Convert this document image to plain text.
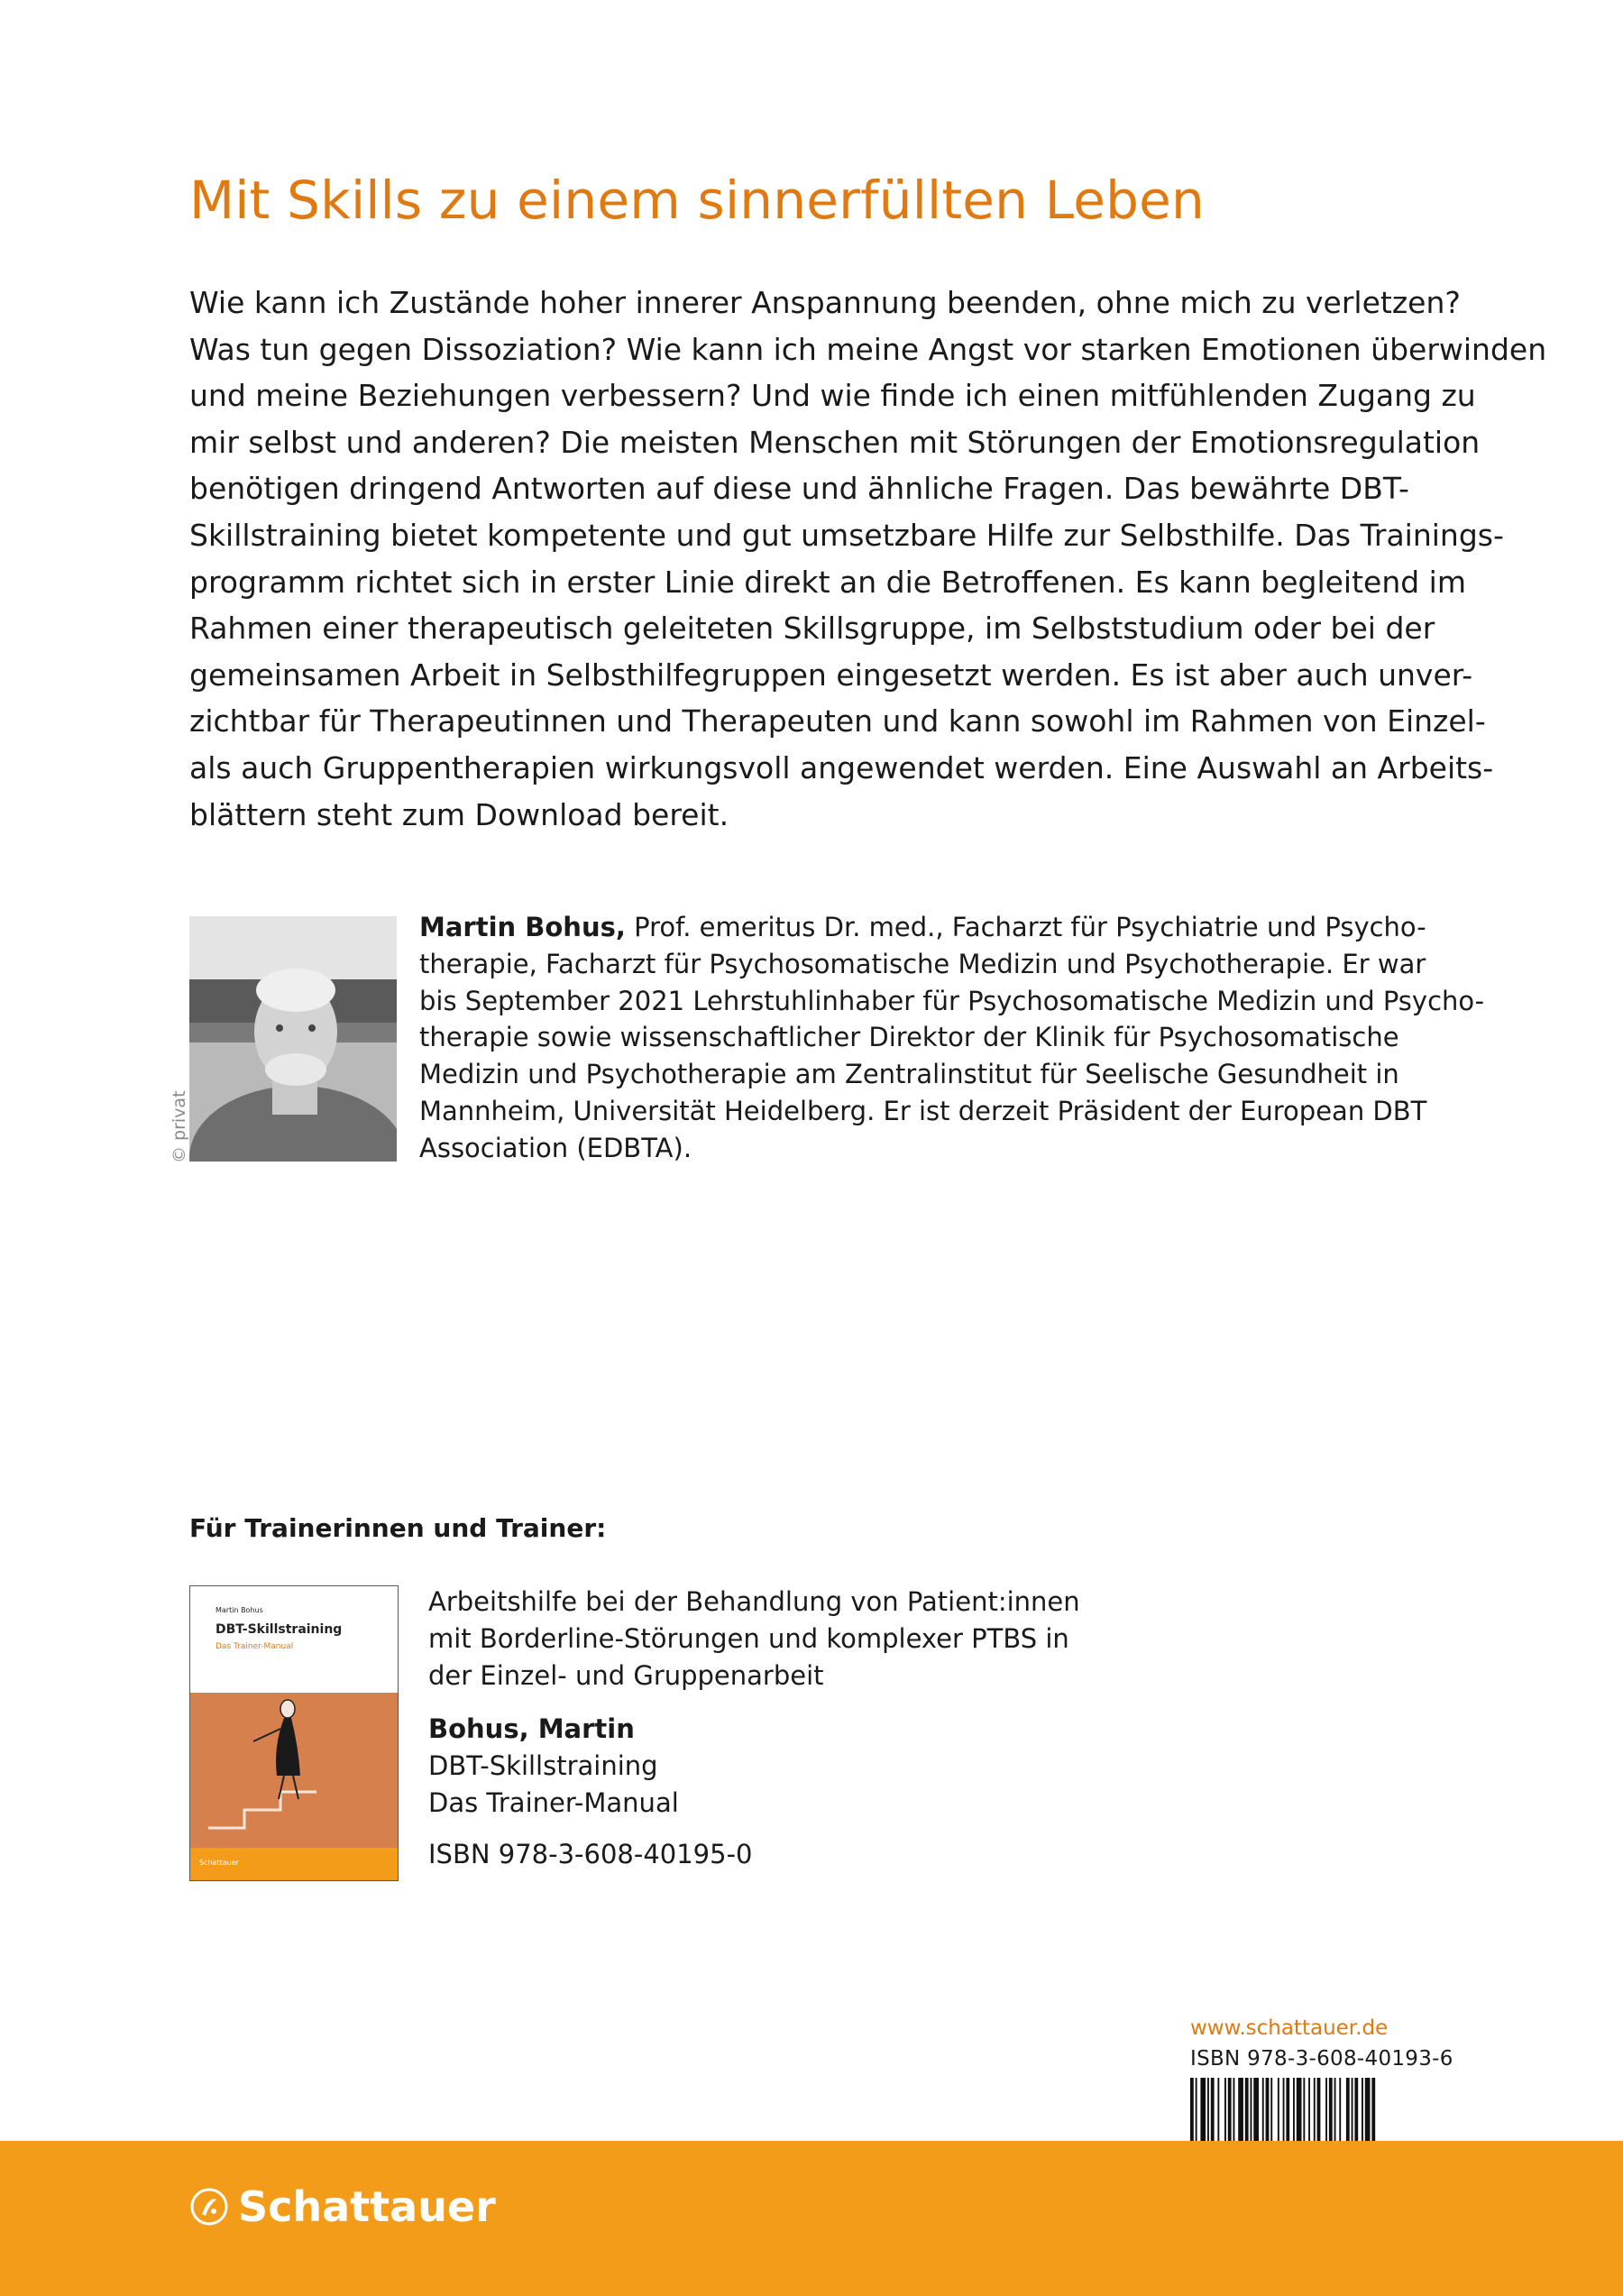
Mit Skills zu einem sinnerfüllten Leben
Wie kann ich Zustände hoher innerer Anspannung beenden, ohne mich zu verletzen?
Was tun gegen Dissoziation? Wie kann ich meine Angst vor starken Emotionen überwinden
und meine Beziehungen verbessern? Und wie finde ich einen mitfühlenden Zugang zu
mir selbst und anderen? Die meisten Menschen mit Störungen der Emotionsregulation
benötigen dringend Antworten auf diese und ähnliche Fragen. Das bewährte DBT-
Skillstraining bietet kompetente und gut umsetzbare Hilfe zur Selbsthilfe. Das Trainings-
programm richtet sich in erster Linie direkt an die Betroffenen. Es kann begleitend im
Rahmen einer therapeutisch geleiteten Skillsgruppe, im Selbststudium oder bei der
gemeinsamen Arbeit in Selbsthilfegruppen eingesetzt werden. Es ist aber auch unver-
zichtbar für Therapeutinnen und Therapeuten und kann sowohl im Rahmen von Einzel-
als auch Gruppentherapien wirkungsvoll angewendet werden. Eine Auswahl an Arbeits-
blättern steht zum Download bereit.
© privat
Martin Bohus, Prof. emeritus Dr. med., Facharzt für Psychiatrie und Psycho-
therapie, Facharzt für Psychosomatische Medizin und Psychotherapie. Er war
bis September 2021 Lehrstuhlinhaber für Psychosomatische Medizin und Psycho-
therapie sowie wissenschaftlicher Direktor der Klinik für Psychosomatische
Medizin und Psychotherapie am Zentralinstitut für Seelische Gesundheit in
Mannheim, Universität Heidelberg. Er ist derzeit Präsident der European DBT
Association (EDBTA).
Für Trainerinnen und Trainer:
Martin Bohus
DBT-Skillstraining
Das Trainer-Manual
Schattauer
Arbeitshilfe bei der Behandlung von Patient:innen
mit Borderline-Störungen und komplexer PTBS in
der Einzel- und Gruppenarbeit
Bohus, Martin
DBT-Skillstraining
Das Trainer-Manual
ISBN 978-3-608-40195-0
www.schattauer.de
ISBN 978-3-608-40193-6
Schattauer
